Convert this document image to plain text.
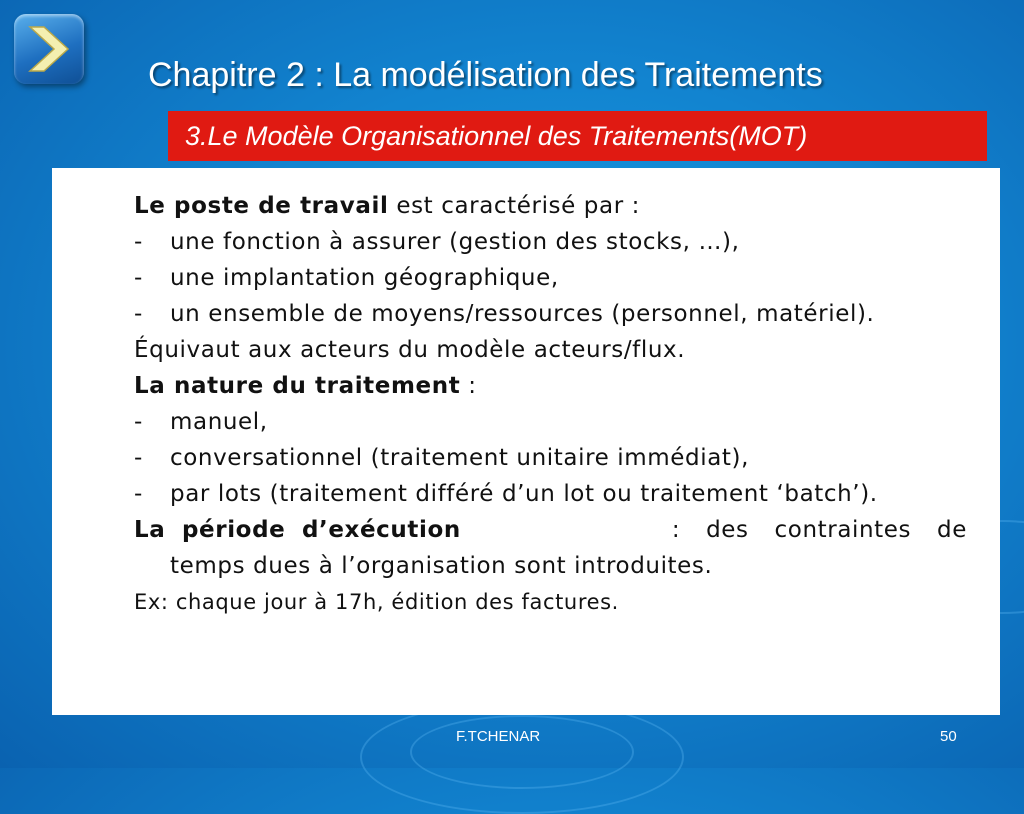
Chapitre 2 : La modélisation des Traitements
3.Le Modèle Organisationnel des Traitements(MOT)

Le poste de travail est caractérisé par :

- une fonction à assurer (gestion des stocks, …),

- une implantation géographique,

- un ensemble de moyens/ressources (personnel, matériel).

Équivaut aux acteurs du modèle acteurs/flux.

La nature du traitement :

- manuel,

- conversationnel (traitement unitaire immédiat),

- par lots (traitement différé d’un lot ou traitement ‘batch’).

La période d’exécution	: des contraintes de

temps dues à l’organisation sont introduites.

Ex: chaque jour à 17h, édition des factures.

F.TCHENAR	50
